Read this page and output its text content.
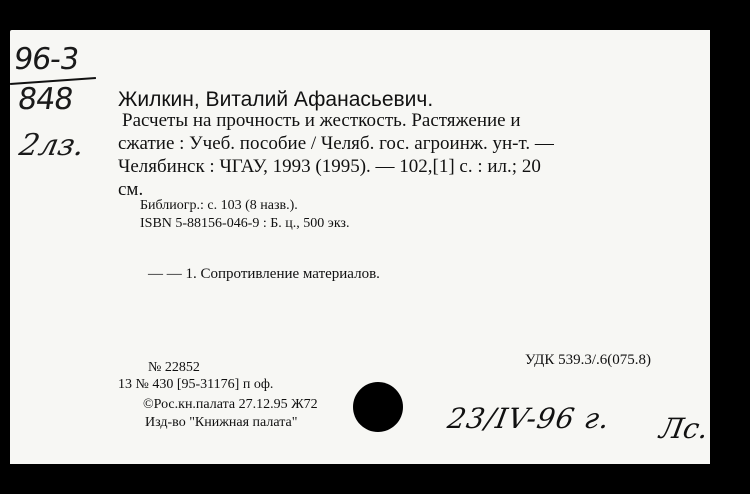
96-3
848
2лз.
Жилкин, Виталий Афанасьевич.
Расчеты на прочность и жесткость. Растяжение и
сжатие : Учеб. пособие / Челяб. гос. агроинж. ун-т. —
Челябинск : ЧГАУ, 1993 (1995). — 102,[1] с. : ил.; 20
см.
Библиогр.: с. 103 (8 назв.).
ISBN 5-88156-046-9 : Б. ц., 500 экз.
— — 1. Сопротивление материалов.
№ 22852
13 № 430 [95-31176] п оф.
©Рос.кн.палата 27.12.95 Ж72
Изд-во "Книжная палата"
УДК 539.3/.6(075.8)
23/IV-96 г. Лс.
